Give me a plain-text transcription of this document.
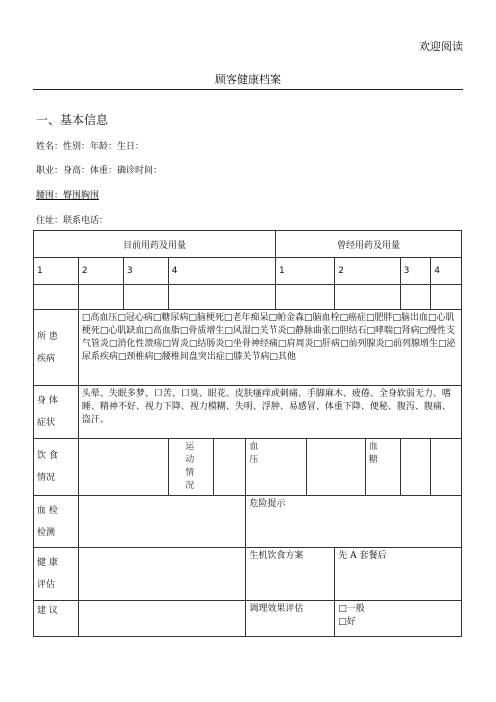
欢迎阅读
顾客健康档案
一、基本信息
姓名：性别：年龄：生日：
职业：身高：体重：确诊时间：
腰围：臀围胸围
住址：联系电话：
目前用药及用量						曾经用药及用量					
1	2	3	4			1		2		3	4

所 患
疾病	□高血压□冠心病□糖尿病□脑梗死□老年痴呆□帕金森□脑血栓□癌症□肥胖□脑出血□心肌梗死□心肌缺血□高血脂□骨质增生□风湿□关节炎□静脉曲张□胆结石□哮喘□肾病□慢性支气管炎□消化性溃疡□胃炎□结肠炎□坐骨神经痛□肩周炎□肝病□前列腺炎□前列腺增生□泌尿系疾病□颈椎病□腰椎间盘突出症□膝关节病□其他										

身 体
症状	头晕、失眠多梦、口苦、口臭、眼花、皮肤瘙痒或刺痛、手脚麻木、疲倦、全身软弱无力、嗜睡、精神不好、视力下降、视力模糊、失明、浮肿、易感冒、体重下降、便秘、腹泻、腹痛、盗汗、										

饮 食
情况			运动情况		血压				血糖		

血 检
检测					危险提示						

健 康
评估					生机饮食方案			先 A 套餐后			
建 议					调理效果评估			□一般
□好			
